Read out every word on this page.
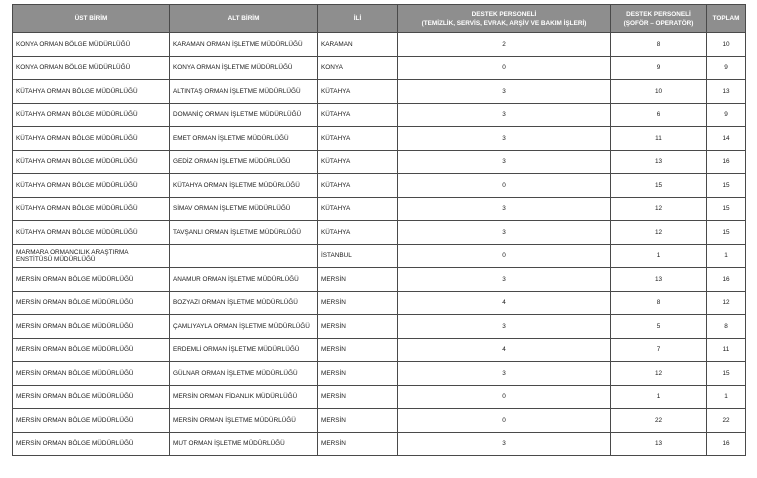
ÜST BİRİM	ALT BİRİM	İLİ	DESTEK PERSONELİ
(TEMİZLİK, SERVİS, EVRAK, ARŞİV VE BAKIM İŞLERİ)	DESTEK PERSONELİ
(ŞOFÖR – OPERATÖR)	TOPLAM
KONYA ORMAN BÖLGE MÜDÜRLÜĞÜ	KARAMAN ORMAN İŞLETME MÜDÜRLÜĞÜ	KARAMAN	2	8	10
KONYA ORMAN BÖLGE MÜDÜRLÜĞÜ	KONYA ORMAN İŞLETME MÜDÜRLÜĞÜ	KONYA	0	9	9
KÜTAHYA ORMAN BÖLGE MÜDÜRLÜĞÜ	ALTINTAŞ ORMAN İŞLETME MÜDÜRLÜĞÜ	KÜTAHYA	3	10	13
KÜTAHYA ORMAN BÖLGE MÜDÜRLÜĞÜ	DOMANİÇ ORMAN İŞLETME MÜDÜRLÜĞÜ	KÜTAHYA	3	6	9
KÜTAHYA ORMAN BÖLGE MÜDÜRLÜĞÜ	EMET ORMAN İŞLETME MÜDÜRLÜĞÜ	KÜTAHYA	3	11	14
KÜTAHYA ORMAN BÖLGE MÜDÜRLÜĞÜ	GEDİZ ORMAN İŞLETME MÜDÜRLÜĞÜ	KÜTAHYA	3	13	16
KÜTAHYA ORMAN BÖLGE MÜDÜRLÜĞÜ	KÜTAHYA ORMAN İŞLETME MÜDÜRLÜĞÜ	KÜTAHYA	0	15	15
KÜTAHYA ORMAN BÖLGE MÜDÜRLÜĞÜ	SİMAV ORMAN İŞLETME MÜDÜRLÜĞÜ	KÜTAHYA	3	12	15
KÜTAHYA ORMAN BÖLGE MÜDÜRLÜĞÜ	TAVŞANLI ORMAN İŞLETME MÜDÜRLÜĞÜ	KÜTAHYA	3	12	15
MARMARA ORMANCILIK ARAŞTIRMA ENSTİTÜSÜ MÜDÜRLÜĞÜ		İSTANBUL	0	1	1
MERSİN ORMAN BÖLGE MÜDÜRLÜĞÜ	ANAMUR ORMAN İŞLETME MÜDÜRLÜĞÜ	MERSİN	3	13	16
MERSİN ORMAN BÖLGE MÜDÜRLÜĞÜ	BOZYAZI ORMAN İŞLETME MÜDÜRLÜĞÜ	MERSİN	4	8	12
MERSİN ORMAN BÖLGE MÜDÜRLÜĞÜ	ÇAMLIYAYLA ORMAN İŞLETME MÜDÜRLÜĞÜ	MERSİN	3	5	8
MERSİN ORMAN BÖLGE MÜDÜRLÜĞÜ	ERDEMLİ ORMAN İŞLETME MÜDÜRLÜĞÜ	MERSİN	4	7	11
MERSİN ORMAN BÖLGE MÜDÜRLÜĞÜ	GÜLNAR ORMAN İŞLETME MÜDÜRLÜĞÜ	MERSİN	3	12	15
MERSİN ORMAN BÖLGE MÜDÜRLÜĞÜ	MERSİN ORMAN FİDANLIK MÜDÜRLÜĞÜ	MERSİN	0	1	1
MERSİN ORMAN BÖLGE MÜDÜRLÜĞÜ	MERSİN ORMAN İŞLETME MÜDÜRLÜĞÜ	MERSİN	0	22	22
MERSİN ORMAN BÖLGE MÜDÜRLÜĞÜ	MUT ORMAN İŞLETME MÜDÜRLÜĞÜ	MERSİN	3	13	16
